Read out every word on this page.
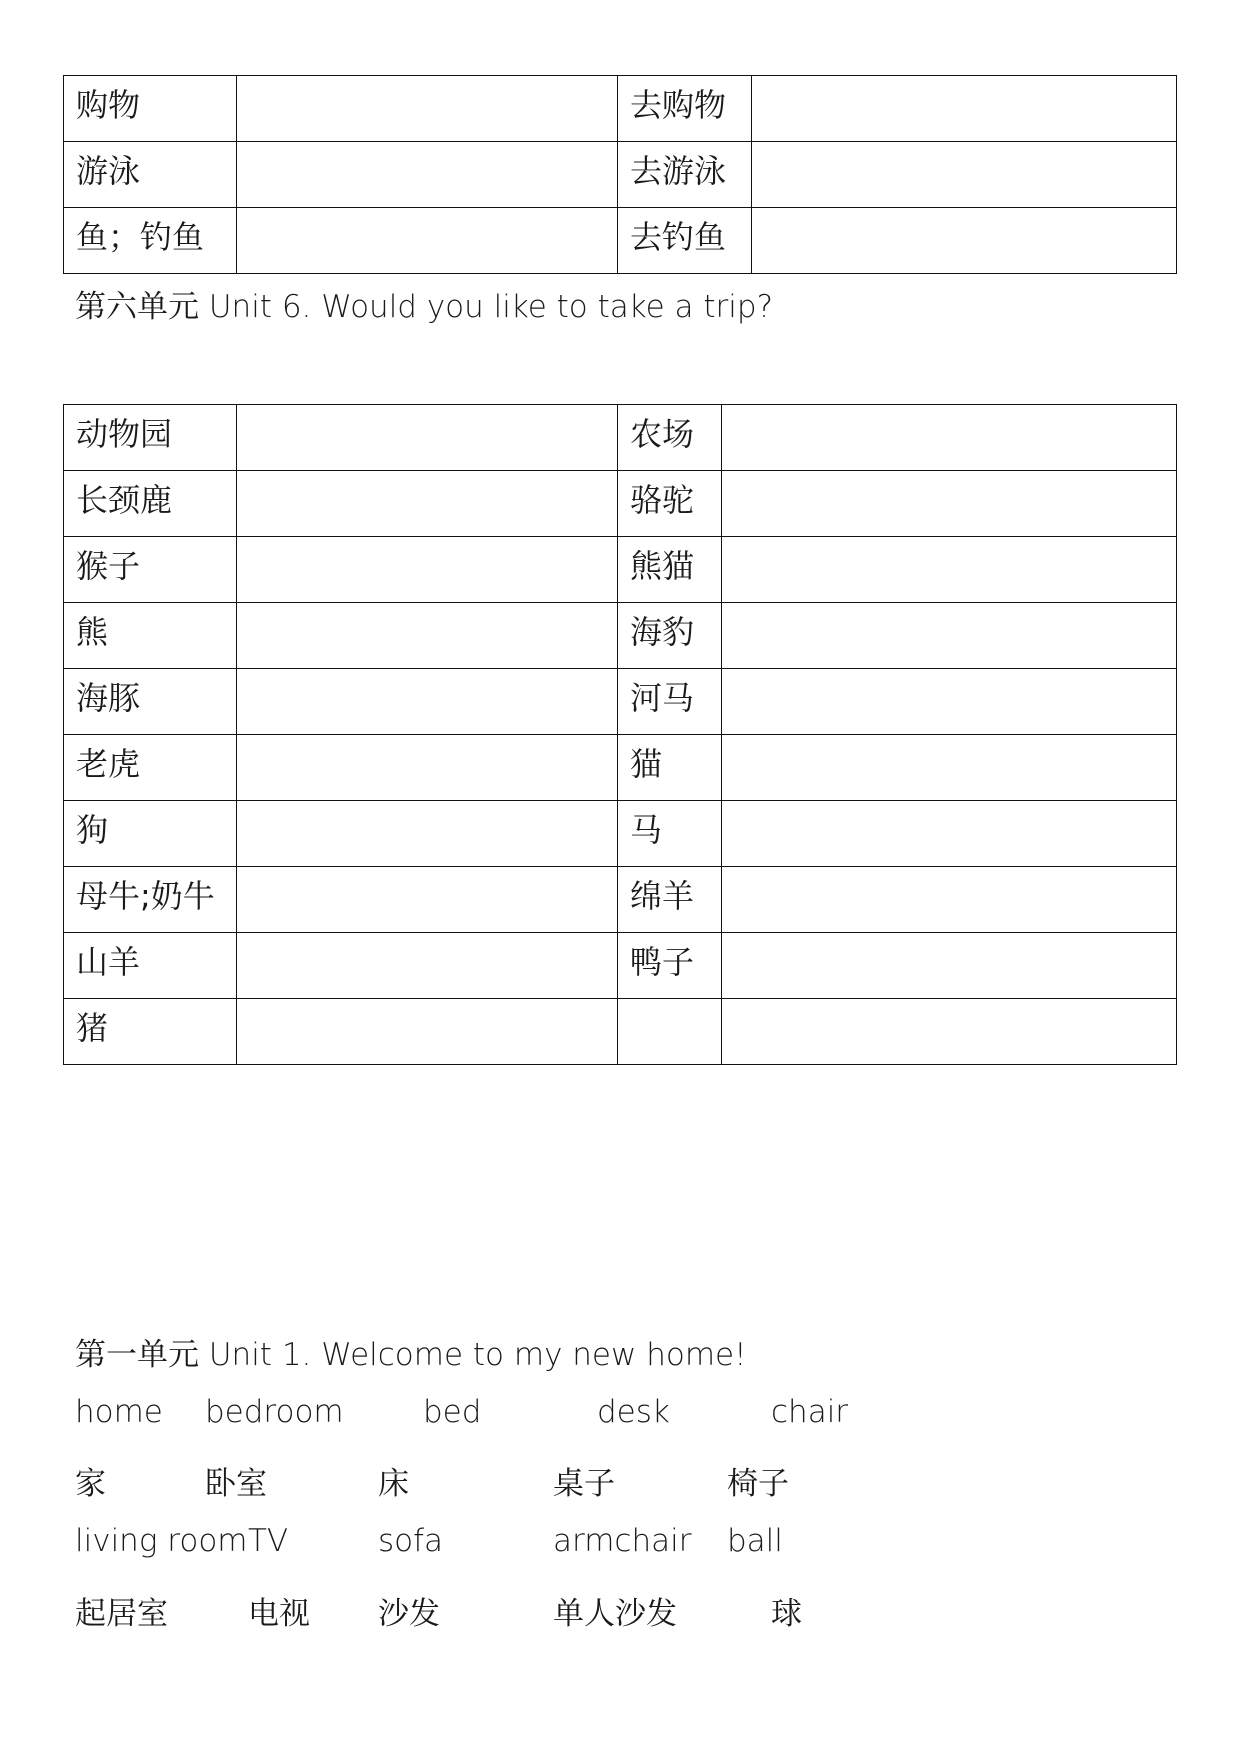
购物		去购物	
游泳		去游泳	
鱼；钓鱼		去钓鱼	
第六单元 Unit 6. Would you like to take a trip?
动物园		农场	
长颈鹿		骆驼	
猴子		熊猫	
熊		海豹	
海豚		河马	
老虎		猫	
狗		马	
母牛;奶牛		绵羊	
山羊		鸭子	
猪			
第一单元 Unit 1. Welcome to my new home!
home bedroom	bed	desk	chair
家	卧室	床	桌子	椅子
living room TV	sofa	armchair ball
起居室	电视 沙发	单人沙发	球
